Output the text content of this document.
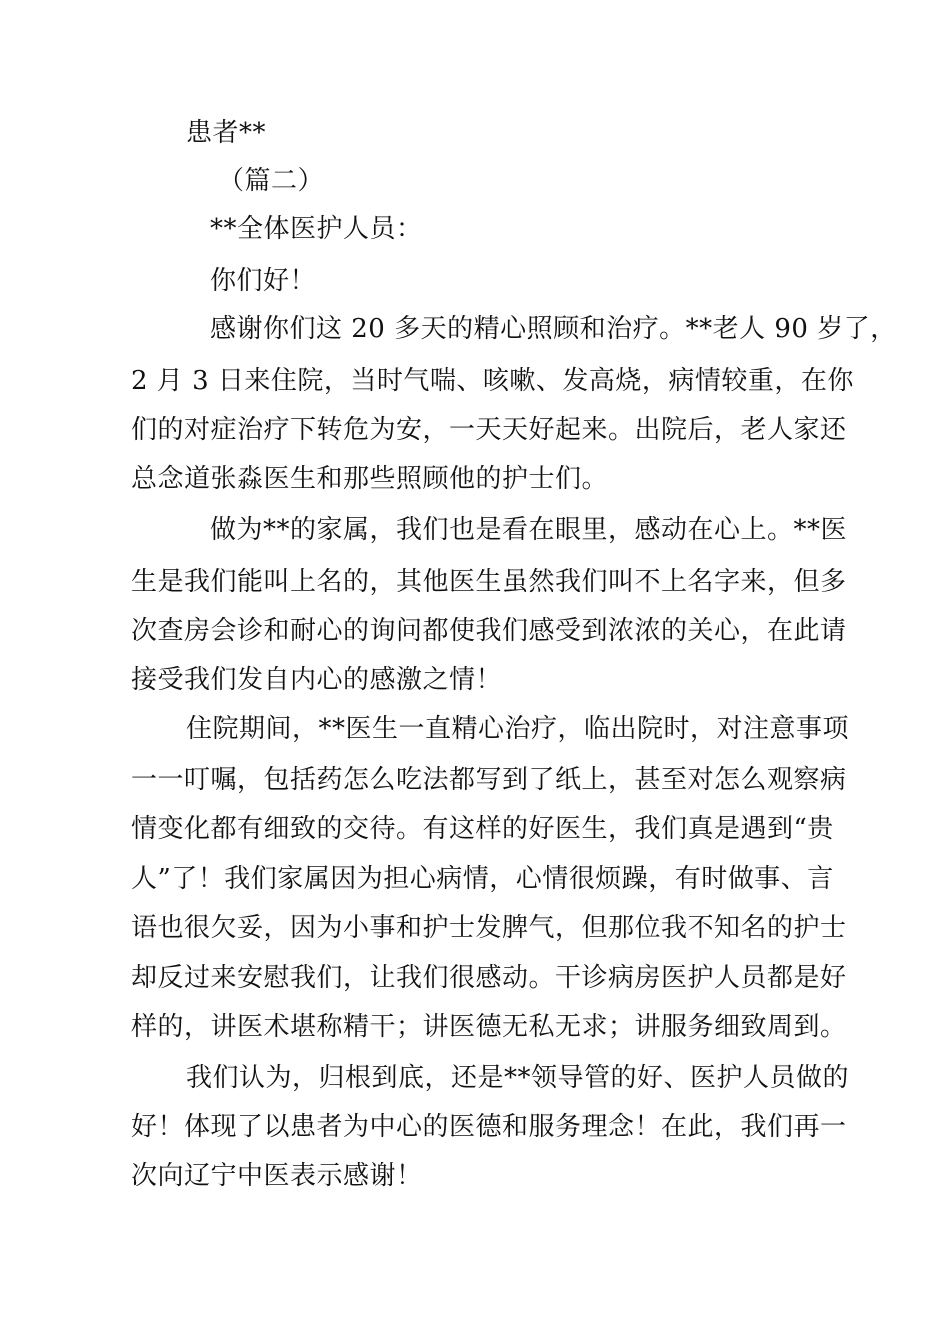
患者**
（篇二）
**全体医护人员：
你们好！
感谢你们这 20 多天的精心照顾和治疗。**老人 90 岁了，
2 月 3 日来住院，当时气喘、咳嗽、发高烧，病情较重，在你
们的对症治疗下转危为安，一天天好起来。出院后，老人家还
总念道张淼医生和那些照顾他的护士们。
做为**的家属，我们也是看在眼里，感动在心上。**医
生是我们能叫上名的，其他医生虽然我们叫不上名字来，但多
次查房会诊和耐心的询问都使我们感受到浓浓的关心，在此请
接受我们发自内心的感激之情！
住院期间，**医生一直精心治疗，临出院时，对注意事项
一一叮嘱，包括药怎么吃法都写到了纸上，甚至对怎么观察病
情变化都有细致的交待。有这样的好医生，我们真是遇到“贵
人”了！我们家属因为担心病情，心情很烦躁，有时做事、言
语也很欠妥，因为小事和护士发脾气，但那位我不知名的护士
却反过来安慰我们，让我们很感动。干诊病房医护人员都是好
样的，讲医术堪称精干；讲医德无私无求；讲服务细致周到。
我们认为，归根到底，还是**领导管的好、医护人员做的
好！体现了以患者为中心的医德和服务理念！在此，我们再一
次向辽宁中医表示感谢！
